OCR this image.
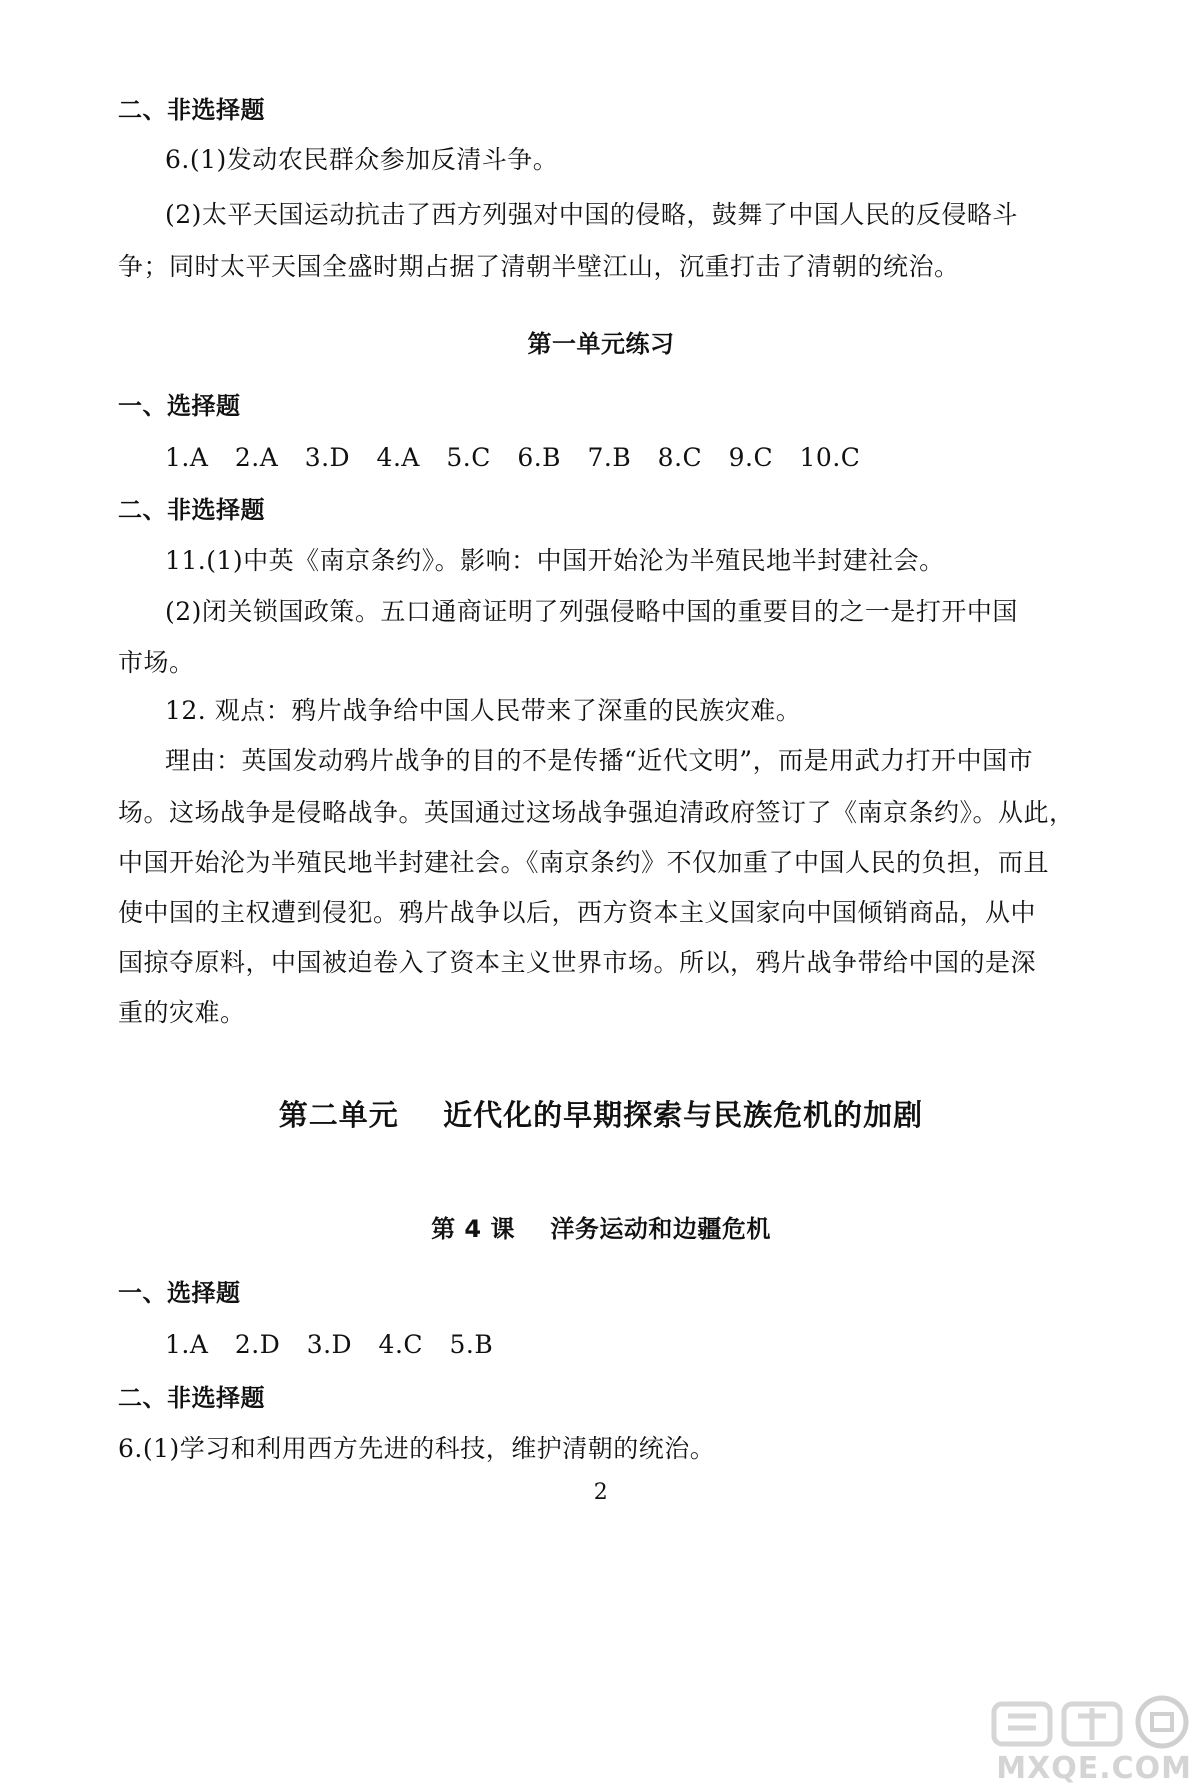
二、非选择题
6.(1)发动农民群众参加反清斗争。
(2)太平天国运动抗击了西方列强对中国的侵略，鼓舞了中国人民的反侵略斗
争；同时太平天国全盛时期占据了清朝半壁江山，沉重打击了清朝的统治。
第一单元练习
一、选择题
1.A 2.A 3.D 4.A 5.C 6.B 7.B 8.C 9.C 10.C
二、非选择题
11.(1)中英《南京条约》。影响：中国开始沦为半殖民地半封建社会。
(2)闭关锁国政策。五口通商证明了列强侵略中国的重要目的之一是打开中国
市场。
12. 观点：鸦片战争给中国人民带来了深重的民族灾难。
理由：英国发动鸦片战争的目的不是传播“近代文明”，而是用武力打开中国市
场。这场战争是侵略战争。英国通过这场战争强迫清政府签订了《南京条约》。从此，
中国开始沦为半殖民地半封建社会。《南京条约》不仅加重了中国人民的负担，而且
使中国的主权遭到侵犯。鸦片战争以后，西方资本主义国家向中国倾销商品，从中
国掠夺原料，中国被迫卷入了资本主义世界市场。所以，鸦片战争带给中国的是深
重的灾难。
第二单元    近代化的早期探索与民族危机的加剧
第 4 课    洋务运动和边疆危机
一、选择题
1.A 2.D 3.D 4.C 5.B
二、非选择题
6.(1)学习和利用西方先进的科技，维护清朝的统治。
2
MXQE.COM
